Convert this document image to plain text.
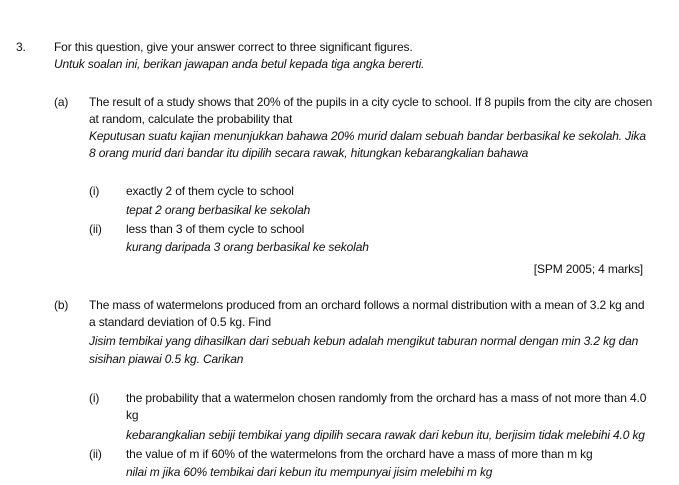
3. For this question, give your answer correct to three significant figures.
Untuk soalan ini, berikan jawapan anda betul kepada tiga angka bererti.
(a) The result of a study shows that 20% of the pupils in a city cycle to school. If 8 pupils from the city are chosen
at random, calculate the probability that
Keputusan suatu kajian menunjukkan bahawa 20% murid dalam sebuah bandar berbasikal ke sekolah. Jika
8 orang murid dari bandar itu dipilih secara rawak, hitungkan kebarangkalian bahawa
(i) exactly 2 of them cycle to school
tepat 2 orang berbasikal ke sekolah
(ii) less than 3 of them cycle to school
kurang daripada 3 orang berbasikal ke sekolah
[SPM 2005; 4 marks]
(b) The mass of watermelons produced from an orchard follows a normal distribution with a mean of 3.2 kg and
a standard deviation of 0.5 kg. Find
Jisim tembikai yang dihasilkan dari sebuah kebun adalah mengikut taburan normal dengan min 3.2 kg dan
sisihan piawai 0.5 kg. Carikan
(i) the probability that a watermelon chosen randomly from the orchard has a mass of not more than 4.0
kg
kebarangkalian sebiji tembikai yang dipilih secara rawak dari kebun itu, berjisim tidak melebihi 4.0 kg
(ii) the value of m if 60% of the watermelons from the orchard have a mass of more than m kg
nilai m jika 60% tembikai dari kebun itu mempunyai jisim melebihi m kg
